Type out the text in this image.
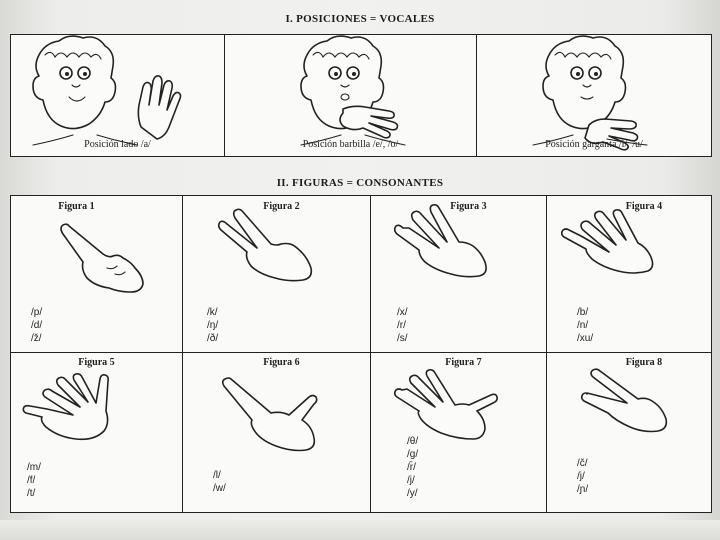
I. POSICIONES = VOCALES
Posición lado /a/	Posición barbilla /e/, /o/	Posición garganta /i/, /u/
II. FIGURAS = CONSONANTES
Figura 1
/p/
/d/
/ž/
Figura 2
/k/
/ŋ/
/ð/
Figura 3
/x/
/r/
/s/
Figura 4
/b/
/n/
/xu/
Figura 5
/m/
/f/
/t/
Figura 6
/l/
/w/
Figura 7
/θ/
/g/
/r̄/
/j/
/y/
Figura 8
/č/
/j/
/ɲ/
